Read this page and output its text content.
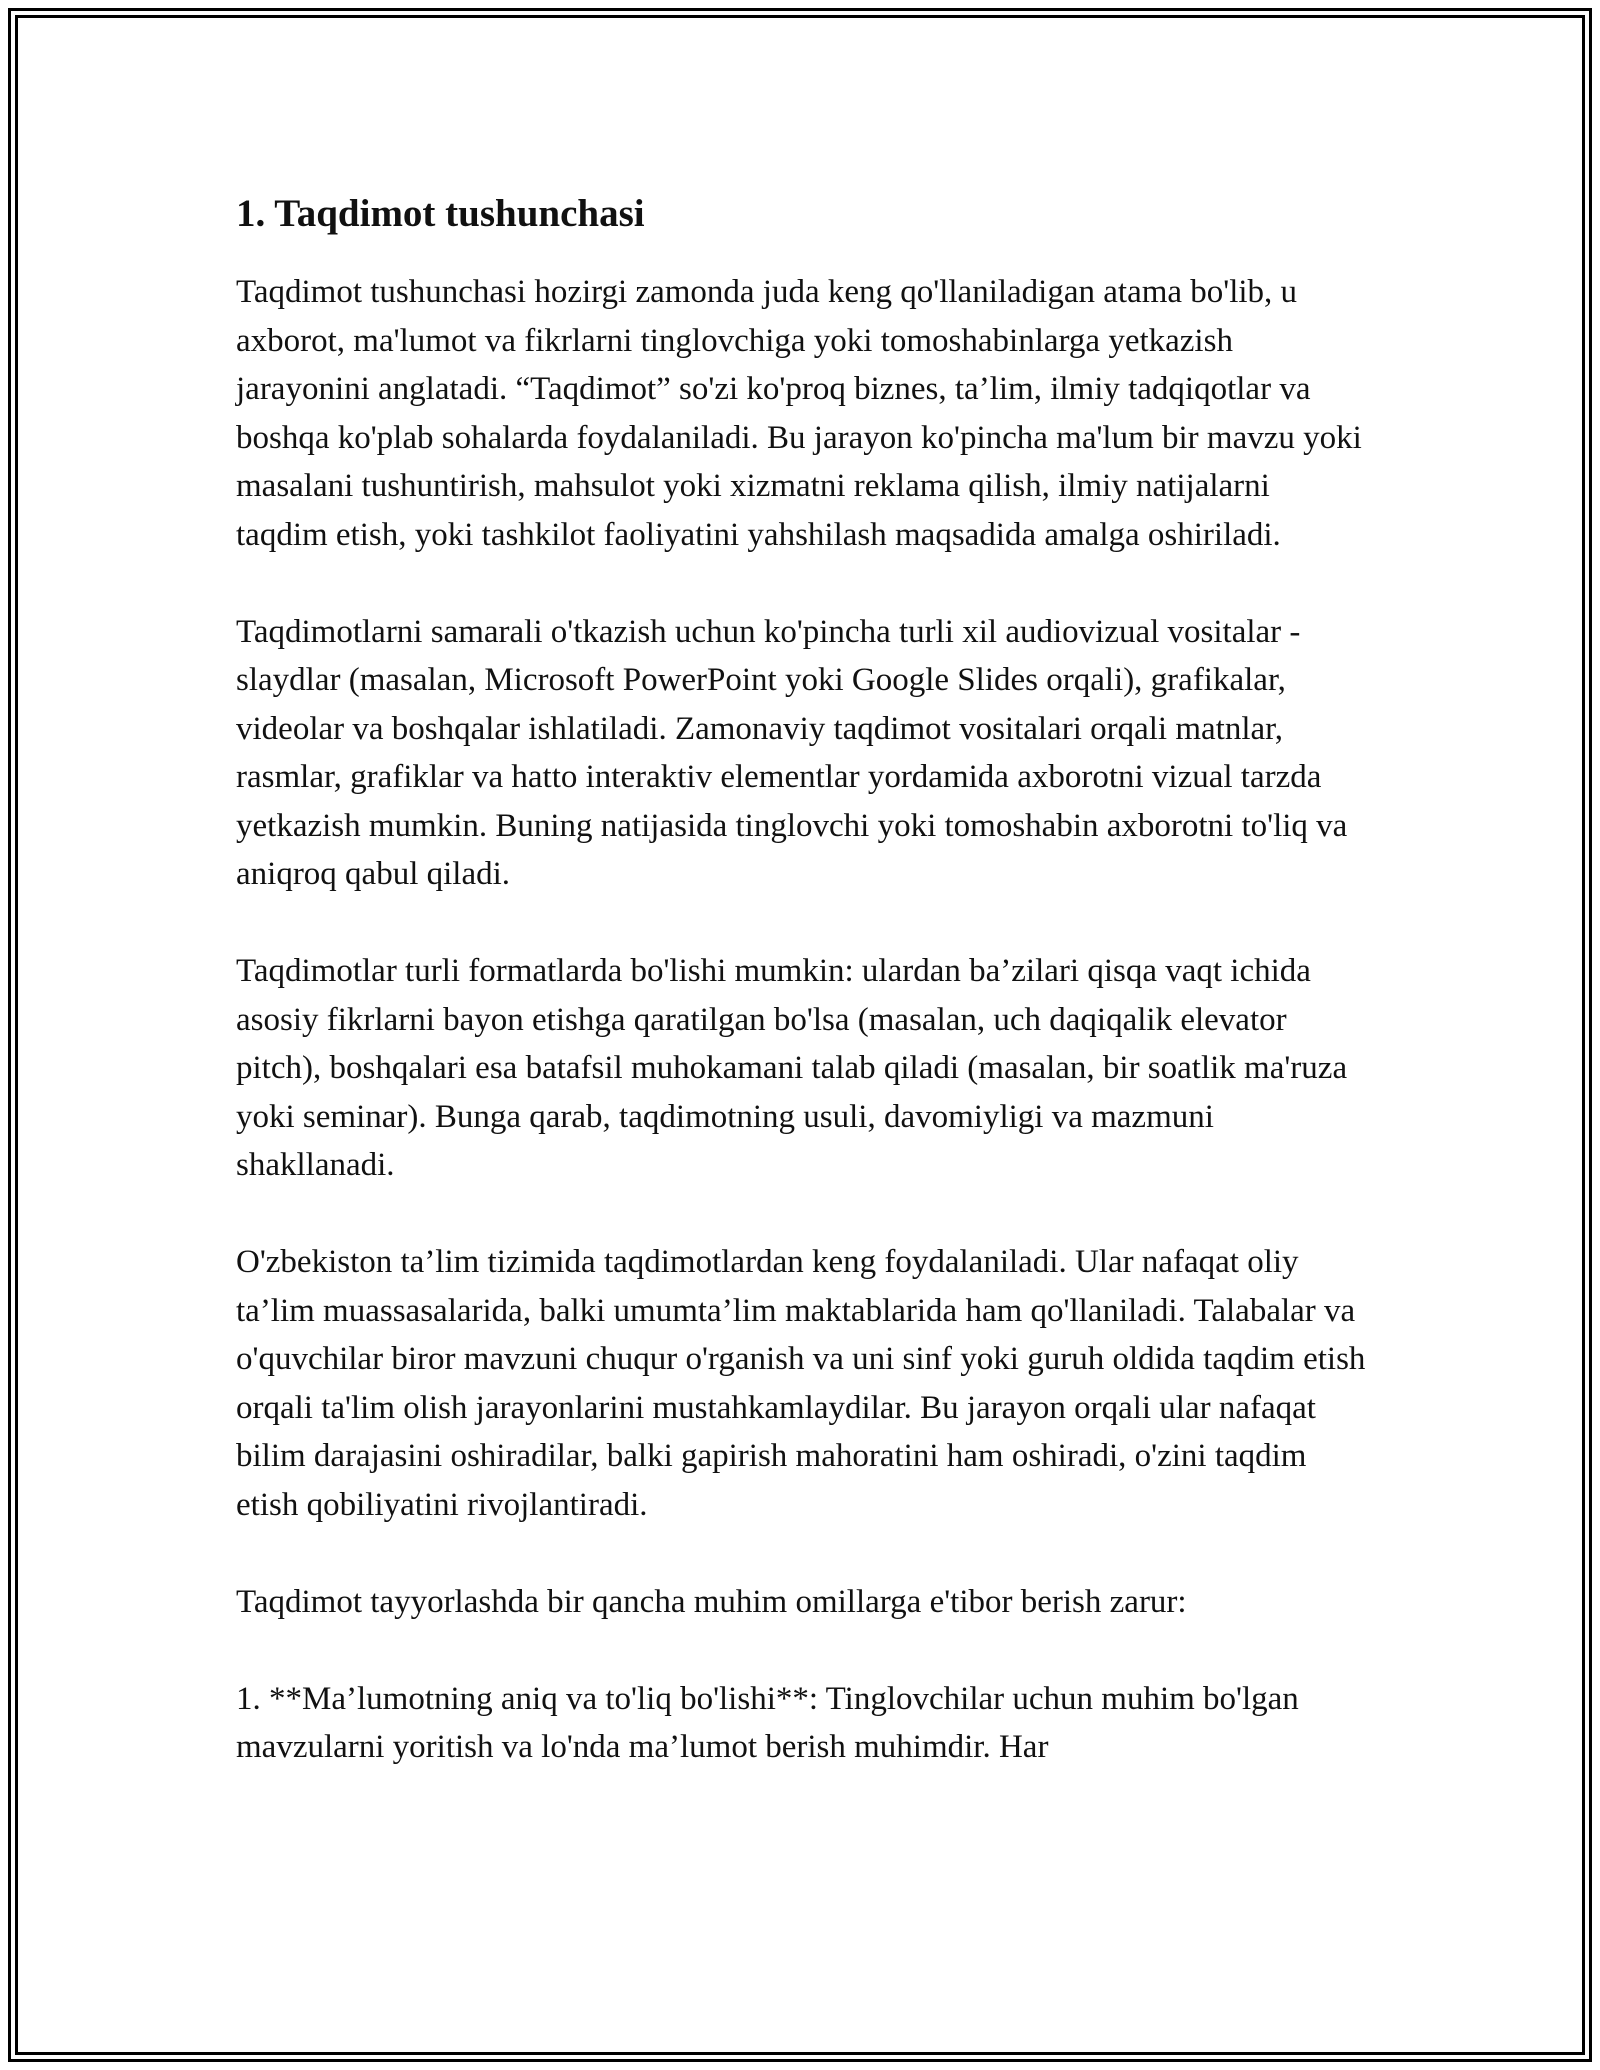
1. Taqdimot tushunchasi

Taqdimot tushunchasi hozirgi zamonda juda keng qo'llaniladigan atama bo'lib, u axborot, ma'lumot va fikrlarni tinglovchiga yoki tomoshabinlarga yetkazish jarayonini anglatadi. “Taqdimot” so'zi ko'proq biznes, ta’lim, ilmiy tadqiqotlar va boshqa ko'plab sohalarda foydalaniladi. Bu jarayon ko'pincha ma'lum bir mavzu yoki masalani tushuntirish, mahsulot yoki xizmatni reklama qilish, ilmiy natijalarni taqdim etish, yoki tashkilot faoliyatini yahshilash maqsadida amalga oshiriladi.

Taqdimotlarni samarali o'tkazish uchun ko'pincha turli xil audiovizual vositalar - slaydlar (masalan, Microsoft PowerPoint yoki Google Slides orqali), grafikalar, videolar va boshqalar ishlatiladi. Zamonaviy taqdimot vositalari orqali matnlar, rasmlar, grafiklar va hatto interaktiv elementlar yordamida axborotni vizual tarzda yetkazish mumkin. Buning natijasida tinglovchi yoki tomoshabin axborotni to'liq va aniqroq qabul qiladi.

Taqdimotlar turli formatlarda bo'lishi mumkin: ulardan ba’zilari qisqa vaqt ichida asosiy fikrlarni bayon etishga qaratilgan bo'lsa (masalan, uch daqiqalik elevator pitch), boshqalari esa batafsil muhokamani talab qiladi (masalan, bir soatlik ma'ruza yoki seminar). Bunga qarab, taqdimotning usuli, davomiyligi va mazmuni shakllanadi.

O'zbekiston ta’lim tizimida taqdimotlardan keng foydalaniladi. Ular nafaqat oliy ta’lim muassasalarida, balki umumta’lim maktablarida ham qo'llaniladi. Talabalar va o'quvchilar biror mavzuni chuqur o'rganish va uni sinf yoki guruh oldida taqdim etish orqali ta'lim olish jarayonlarini mustahkamlaydilar. Bu jarayon orqali ular nafaqat bilim darajasini oshiradilar, balki gapirish mahoratini ham oshiradi, o'zini taqdim etish qobiliyatini rivojlantiradi.

Taqdimot tayyorlashda bir qancha muhim omillarga e'tibor berish zarur:

1. **Ma’lumotning aniq va to'liq bo'lishi**: Tinglovchilar uchun muhim bo'lgan mavzularni yoritish va lo'nda ma’lumot berish muhimdir. Har
